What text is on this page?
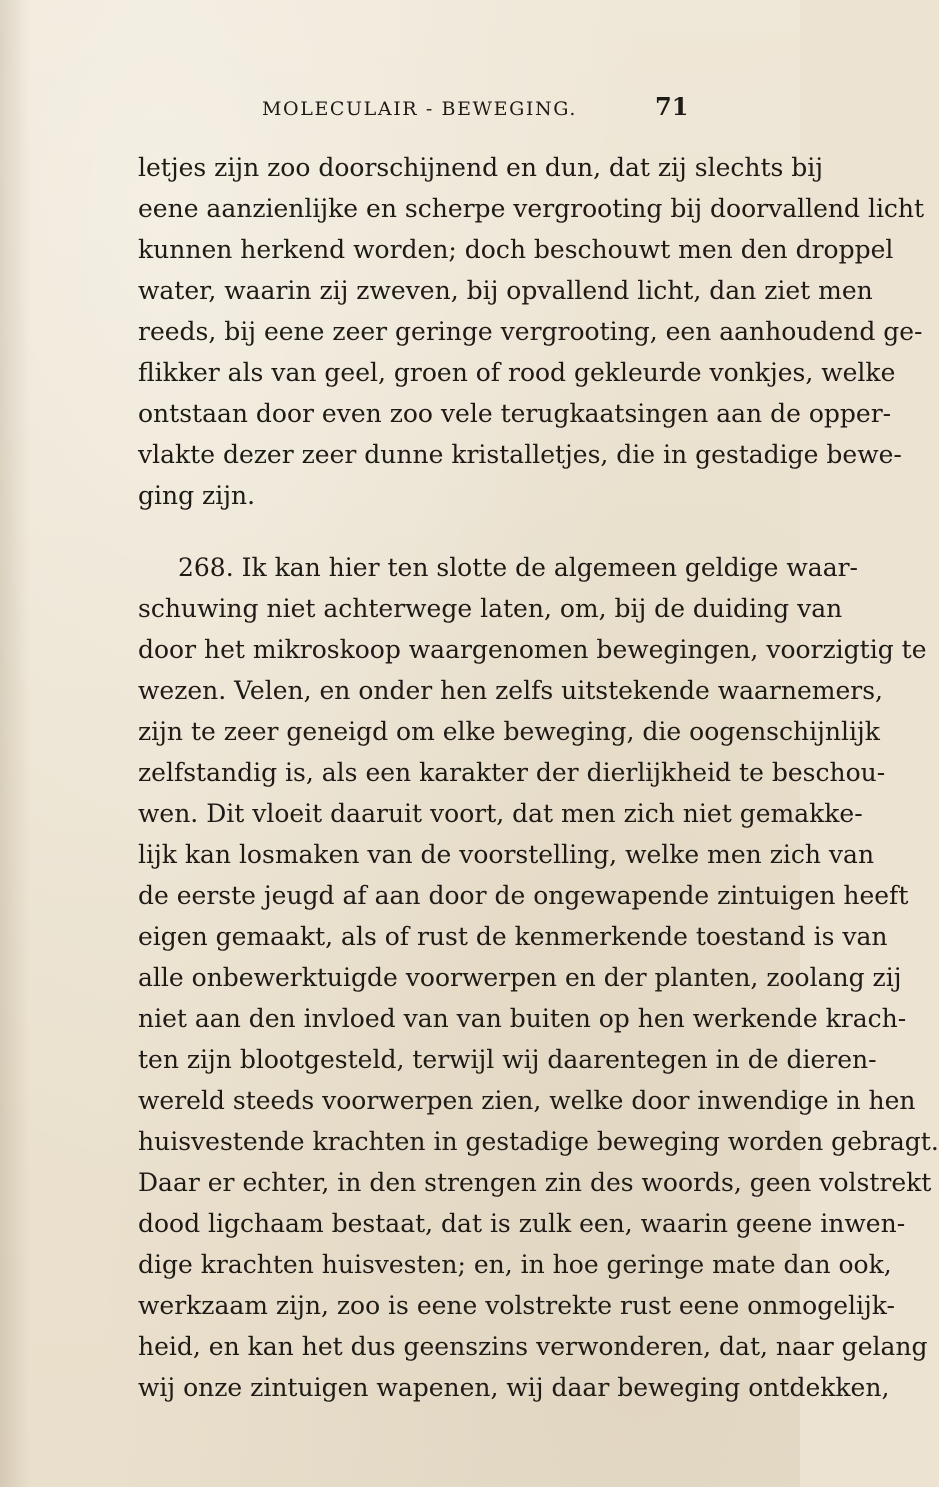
MOLECULAIR - BEWEGING.	71
letjes zijn zoo doorschijnend en dun, dat zij slechts bij
eene aanzienlijke en scherpe vergrooting bij doorvallend licht
kunnen herkend worden; doch beschouwt men den droppel
water, waarin zij zweven, bij opvallend licht, dan ziet men
reeds, bij eene zeer geringe vergrooting, een aanhoudend ge-
flikker als van geel, groen of rood gekleurde vonkjes, welke
ontstaan door even zoo vele terugkaatsingen aan de opper-
vlakte dezer zeer dunne kristalletjes, die in gestadige bewe-
ging zijn.
268. Ik kan hier ten slotte de algemeen geldige waar-
schuwing niet achterwege laten, om, bij de duiding van
door het mikroskoop waargenomen bewegingen, voorzigtig te
wezen. Velen, en onder hen zelfs uitstekende waarnemers,
zijn te zeer geneigd om elke beweging, die oogenschijnlijk
zelfstandig is, als een karakter der dierlijkheid te beschou-
wen. Dit vloeit daaruit voort, dat men zich niet gemakke-
lijk kan losmaken van de voorstelling, welke men zich van
de eerste jeugd af aan door de ongewapende zintuigen heeft
eigen gemaakt, als of rust de kenmerkende toestand is van
alle onbewerktuigde voorwerpen en der planten, zoolang zij
niet aan den invloed van van buiten op hen werkende krach-
ten zijn blootgesteld, terwijl wij daarentegen in de dieren-
wereld steeds voorwerpen zien, welke door inwendige in hen
huisvestende krachten in gestadige beweging worden gebragt.
Daar er echter, in den strengen zin des woords, geen volstrekt
dood ligchaam bestaat, dat is zulk een, waarin geene inwen-
dige krachten huisvesten; en, in hoe geringe mate dan ook,
werkzaam zijn, zoo is eene volstrekte rust eene onmogelijk-
heid, en kan het dus geenszins verwonderen, dat, naar gelang
wij onze zintuigen wapenen, wij daar beweging ontdekken,
